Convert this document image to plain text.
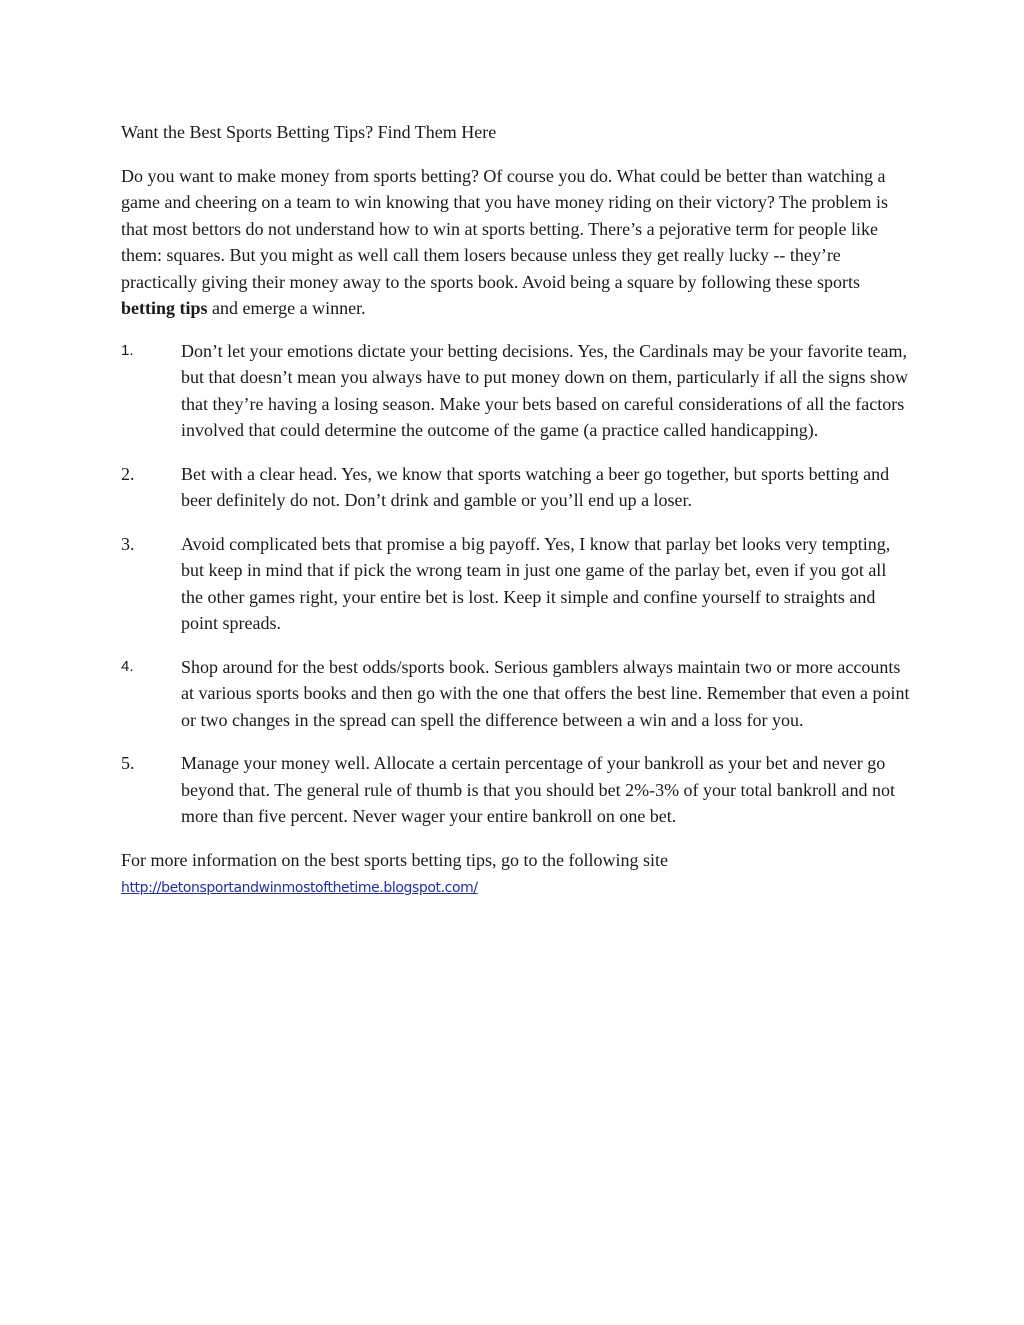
Want the Best Sports Betting Tips? Find Them Here

Do you want to make money from sports betting? Of course you do. What could be better than watching a game and cheering on a team to win knowing that you have money riding on their victory? The problem is that most bettors do not understand how to win at sports betting. There’s a pejorative term for people like them: squares. But you might as well call them losers because unless they get really lucky -- they’re practically giving their money away to the sports book. Avoid being a square by following these sports betting tips and emerge a winner.

1.	Don’t let your emotions dictate your betting decisions. Yes, the Cardinals may be your favorite team, but that doesn’t mean you always have to put money down on them, particularly if all the signs show that they’re having a losing season. Make your bets based on careful considerations of all the factors involved that could determine the outcome of the game (a practice called handicapping).
2.	Bet with a clear head. Yes, we know that sports watching a beer go together, but sports betting and beer definitely do not. Don’t drink and gamble or you’ll end up a loser.
3.	Avoid complicated bets that promise a big payoff. Yes, I know that parlay bet looks very tempting, but keep in mind that if pick the wrong team in just one game of the parlay bet, even if you got all the other games right, your entire bet is lost. Keep it simple and confine yourself to straights and point spreads.
4.	Shop around for the best odds/sports book. Serious gamblers always maintain two or more accounts at various sports books and then go with the one that offers the best line. Remember that even a point or two changes in the spread can spell the difference between a win and a loss for you.
5.	Manage your money well. Allocate a certain percentage of your bankroll as your bet and never go beyond that. The general rule of thumb is that you should bet 2%-3% of your total bankroll and not more than five percent. Never wager your entire bankroll on one bet.

For more information on the best sports betting tips, go to the following site
http://betonsportandwinmostofthetime.blogspot.com/
